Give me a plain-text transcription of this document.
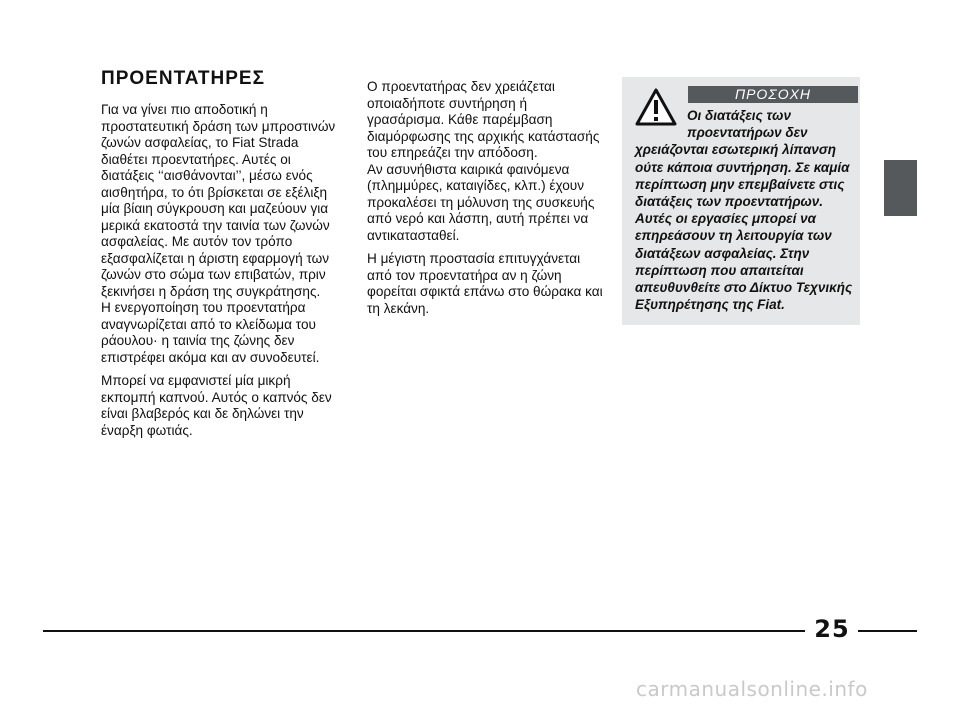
ΠΡΟΕΝΤΑΤΗΡΕΣ

Για να γίνει πιο αποδοτική η προστατευτική δράση των μπροστινών ζωνών ασφαλείας, το Fiat Strada διαθέτει προεντατήρες. Αυτές οι διατάξεις ‘‘αισθάνονται’’, μέσω ενός αισθητήρα, το ότι βρίσκεται σε εξέλιξη μία βίαιη σύγκρουση και μαζεύουν για μερικά εκατοστά την ταινία των ζωνών ασφαλείας. Με αυτόν τον τρόπο εξασφαλίζεται η άριστη εφαρμογή των ζωνών στο σώμα των επιβατών, πριν ξεκινήσει η δράση της συγκράτησης.

Η ενεργοποίηση του προεντατήρα αναγνωρίζεται από το κλείδωμα του ράουλου· η ταινία της ζώνης δεν επιστρέφει ακόμα και αν συνοδευτεί.

Μπορεί να εμφανιστεί μία μικρή εκπομπή καπνού. Αυτός ο καπνός δεν είναι βλαβερός και δε δηλώνει την έναρξη φωτιάς.

Ο προεντατήρας δεν χρειάζεται οποιαδήποτε συντήρηση ή γρασάρισμα. Κάθε παρέμβαση διαμόρφωσης της αρχικής κατάστασής του επηρεάζει την απόδοση.

Αν ασυνήθιστα καιρικά φαινόμενα (πλημμύρες, καταιγίδες, κλπ.) έχουν προκαλέσει τη μόλυνση της συσκευής από νερό και λάσπη, αυτή πρέπει να αντικατασταθεί.

Η μέγιστη προστασία επιτυγχάνεται από τον προεντατήρα αν η ζώνη φορείται σφικτά επάνω στο θώρακα και τη λεκάνη.

ΠΡΟΣΟΧΗ
Οι διατάξεις των προεντατήρων δεν
χρειάζονται εσωτερική λίπανση ούτε κάποια συντήρηση. Σε καμία περίπτωση μην επεμβαίνετε στις διατάξεις των προεντατήρων. Αυτές οι εργασίες μπορεί να επηρεάσουν τη λειτουργία των διατάξεων ασφαλείας. Στην περίπτωση που απαιτείται απευθυνθείτε στο Δίκτυο Τεχνικής Εξυπηρέτησης της Fiat.
25
carmanualsonline.info
